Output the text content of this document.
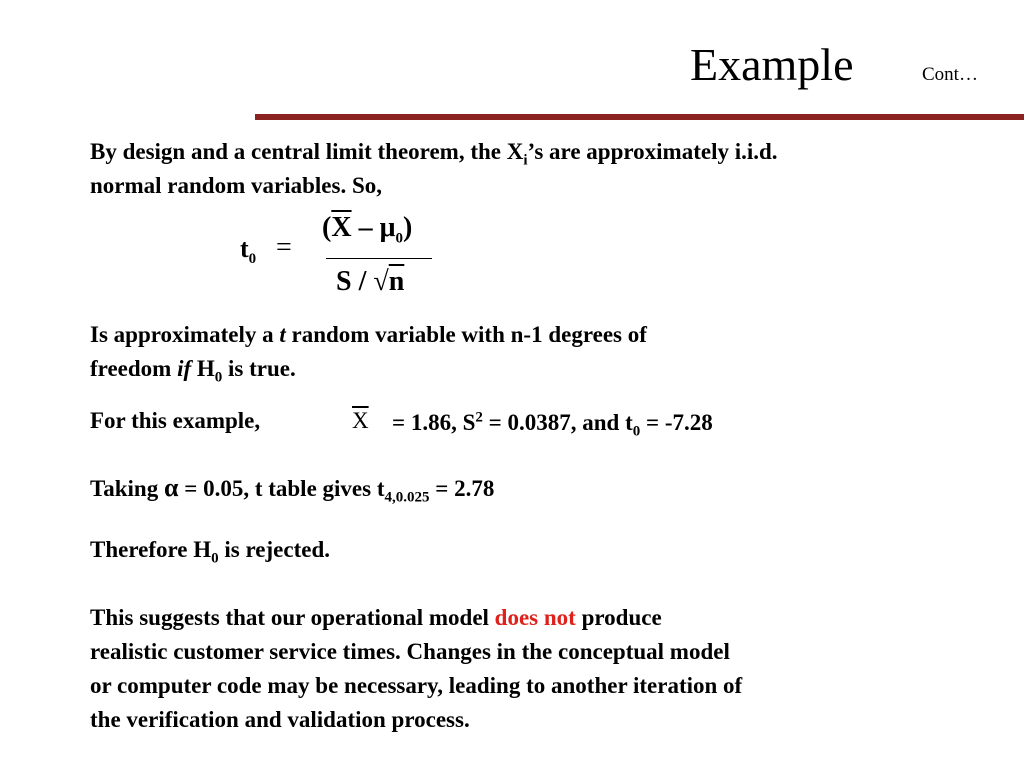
Example	Cont…
By design and a central limit theorem, the $X_i’s$ are approximately i.i.d.
normal random variables. So,
$t_0$ =
$(\overline{X} - \mu_0)$
S / √n
Is approximately a t random variable with n-1 degrees of
freedom if $H_0$ is true.
For this example,	$\overline{X} = 1.86$, $S^2 = 0.0387$, and $t_0 = -7.28$
Taking α = 0.05, t table gives $t_{4,0.025} = 2.78$
Therefore $H_0$ is rejected.
This suggests that our operational model does not produce
realistic customer service times. Changes in the conceptual model
or computer code may be necessary, leading to another iteration of
the verification and validation process.
